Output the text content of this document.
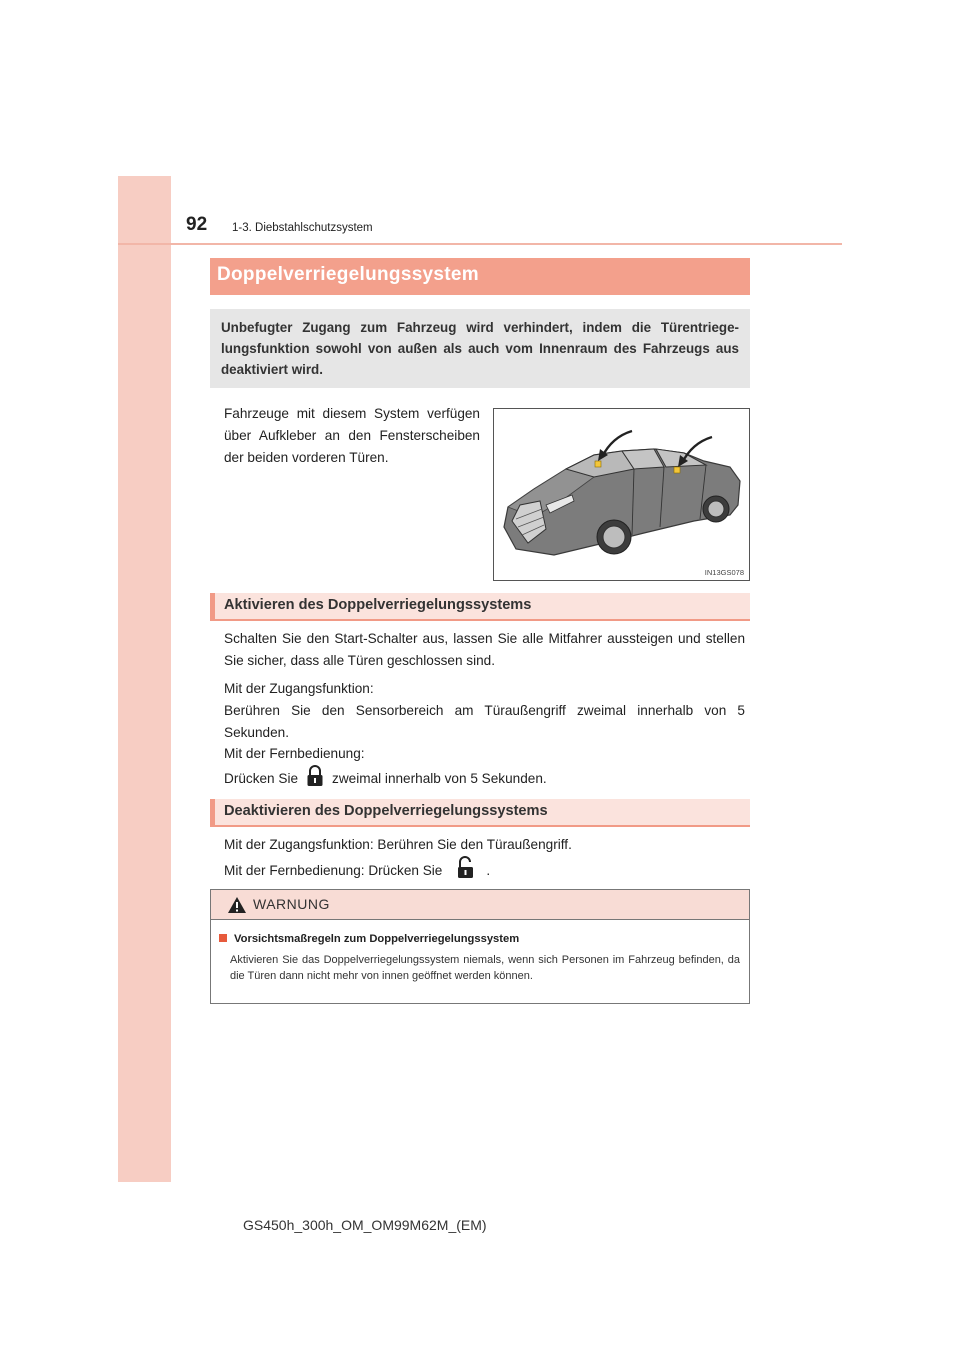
92 1-3. Diebstahlschutzsystem
Doppelverriegelungssystem

Unbefugter Zugang zum Fahrzeug wird verhindert, indem die Türentriegelungsfunktion sowohl von außen als auch vom Innenraum des Fahrzeugs aus deaktiviert wird.

Fahrzeuge mit diesem System verfügen über Aufkleber an den Fensterscheiben der beiden vorderen Türen.
IN13GS078
Aktivieren des Doppelverriegelungssystems
Schalten Sie den Start-Schalter aus, lassen Sie alle Mitfahrer aussteigen und stellen Sie sicher, dass alle Türen geschlossen sind.
Mit der Zugangsfunktion:
Berühren Sie den Sensorbereich am Türaußengriff zweimal innerhalb von 5 Sekunden.
Mit der Fernbedienung:
Drücken Sie	zweimal innerhalb von 5 Sekunden.
Deaktivieren des Doppelverriegelungssystems
Mit der Zugangsfunktion: Berühren Sie den Türaußengriff.
Mit der Fernbedienung: Drücken Sie	.
WARNUNG
Vorsichtsmaßregeln zum Doppelverriegelungssystem
Aktivieren Sie das Doppelverriegelungssystem niemals, wenn sich Personen im Fahrzeug befinden, da die Türen dann nicht mehr von innen geöffnet werden können.
GS450h_300h_OM_OM99M62M_(EM)
